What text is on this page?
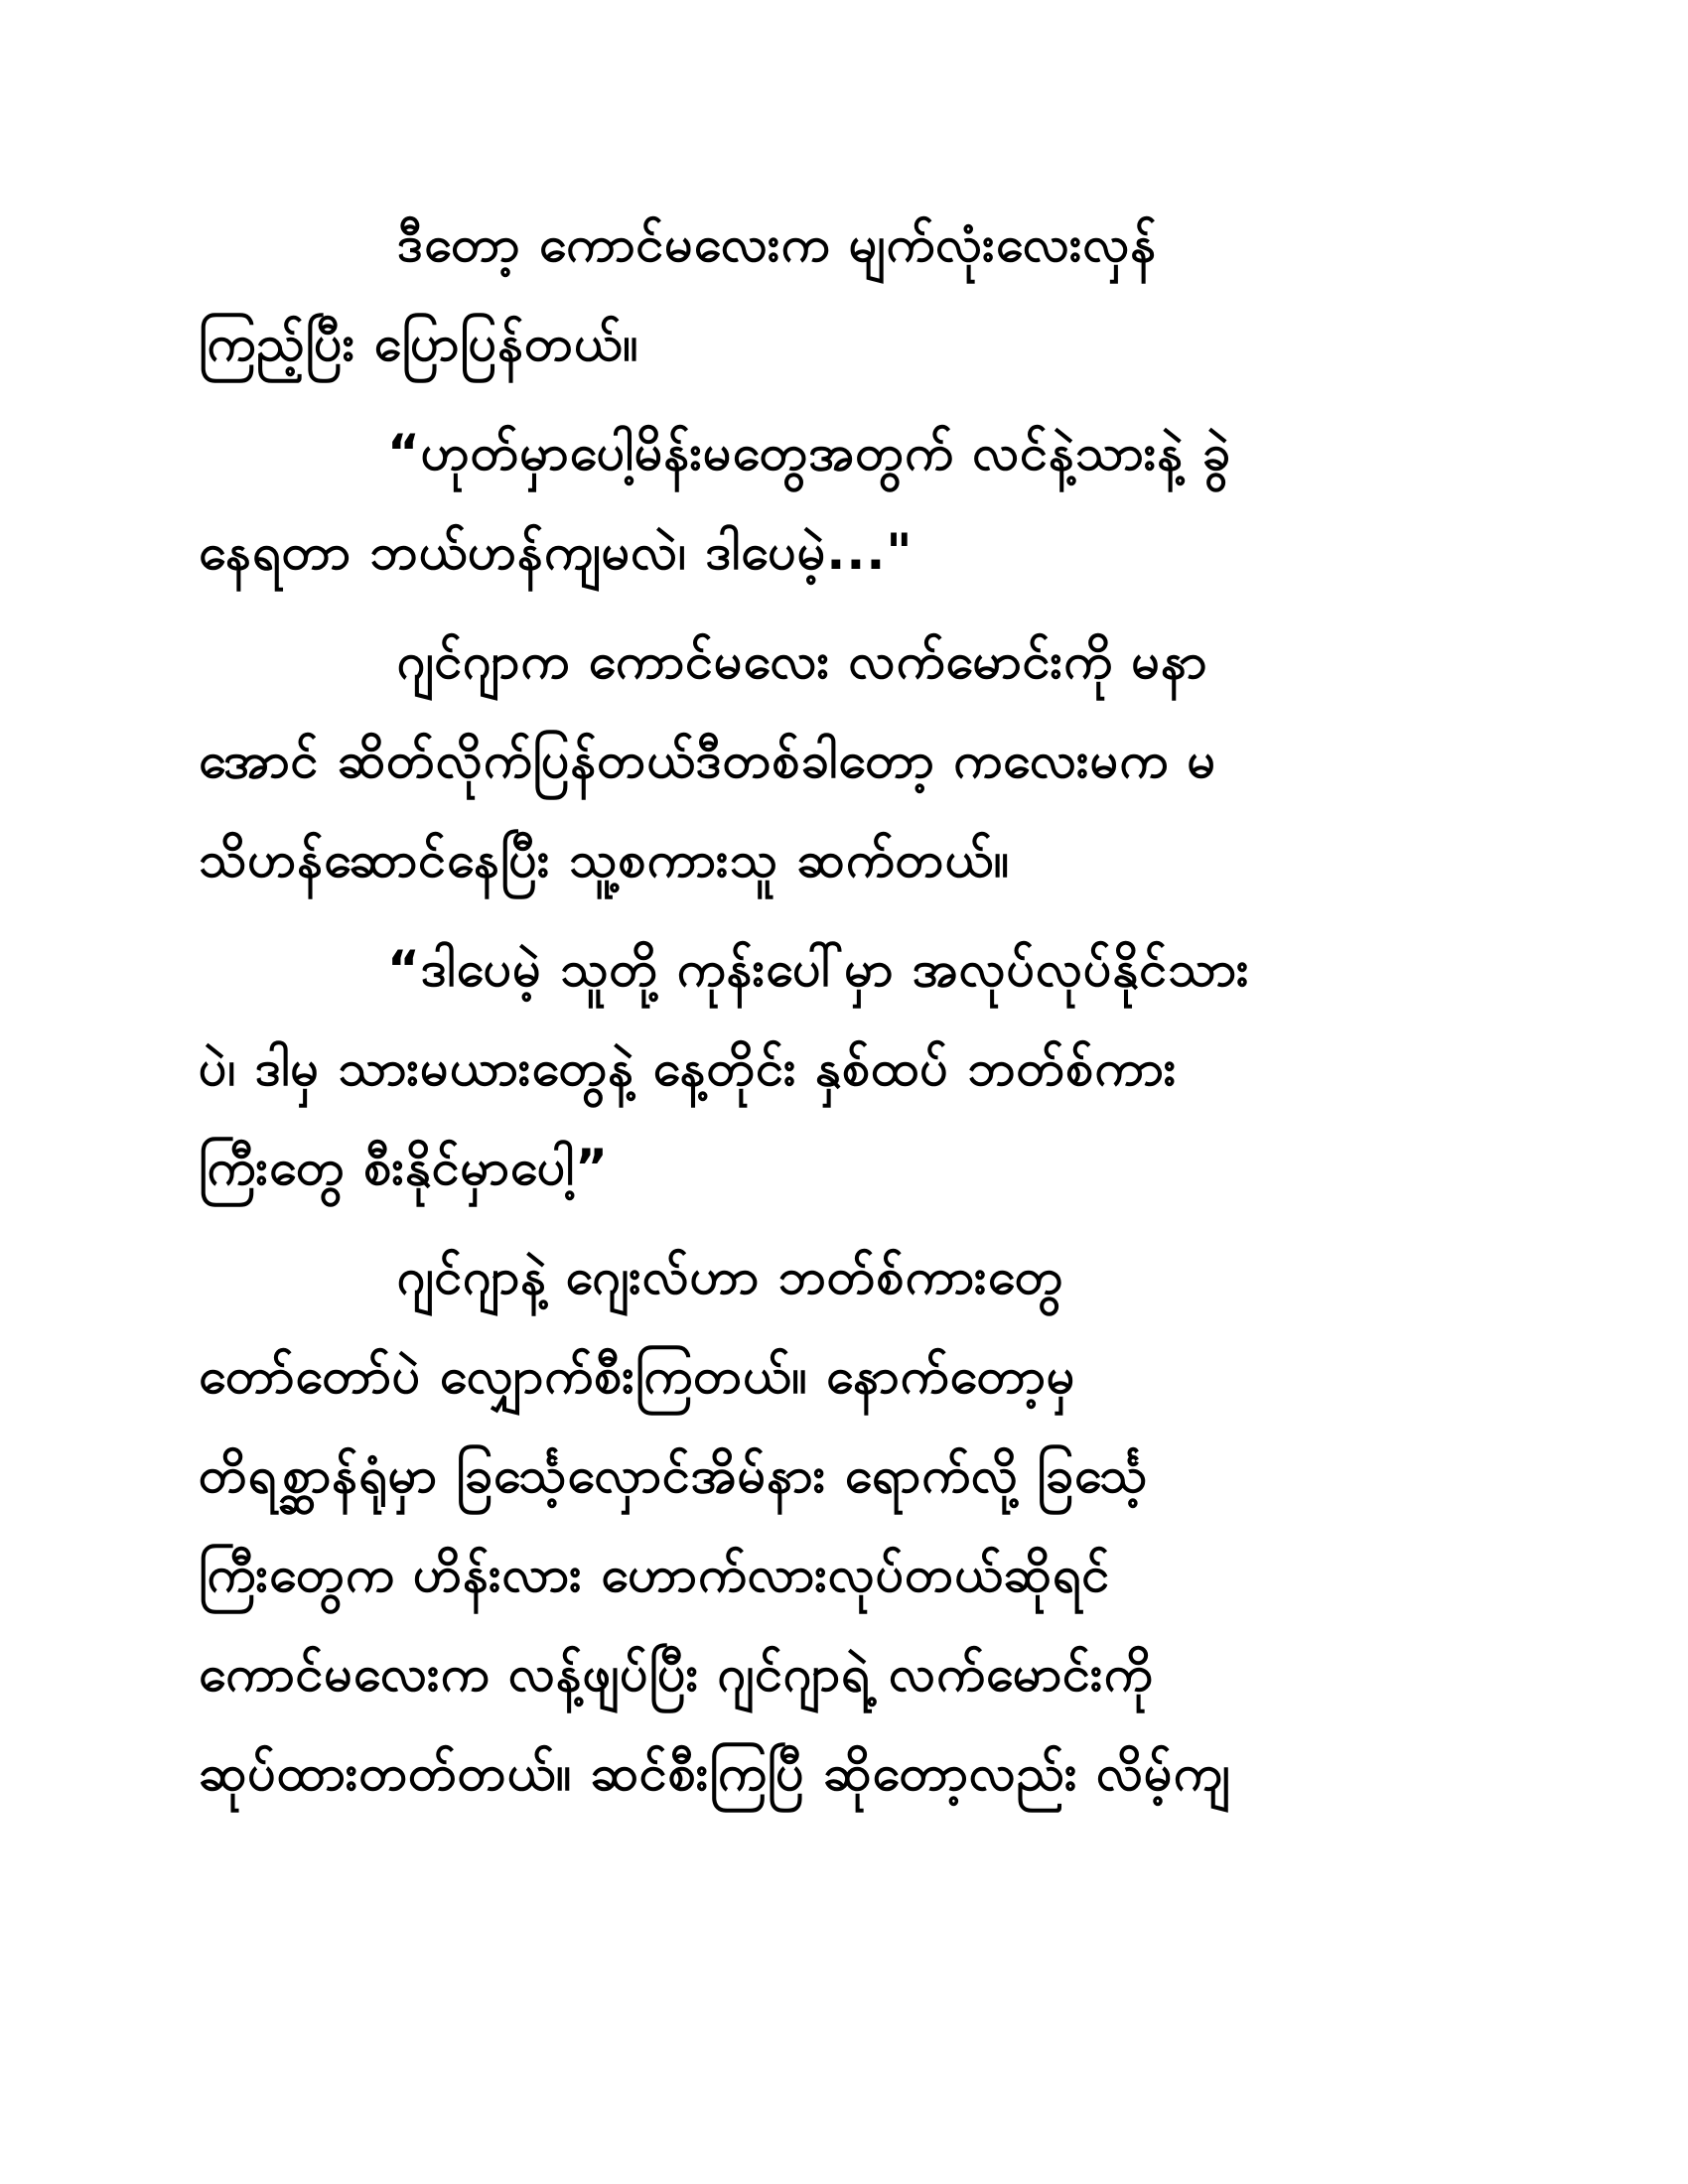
ဒီတော့ ကောင်မလေးက မျက်လုံးလေးလှန်
ကြည့်ပြီး ပြောပြန်တယ်။
“ဟုတ်မှာပေါ့မိန်းမတွေအတွက် လင်နဲ့သားနဲ့ ခွဲ
နေရတာ ဘယ်ဟန်ကျမလဲ၊ ဒါပေမဲ့..."
ဂျင်ဂျာက ကောင်မလေး လက်မောင်းကို မနာ
အောင် ဆိတ်လိုက်ပြန်တယ်ဒီတစ်ခါတော့ ကလေးမက မ
သိဟန်ဆောင်နေပြီး သူ့စကားသူ ဆက်တယ်။
“ဒါပေမဲ့ သူတို့ ကုန်းပေါ်မှာ အလုပ်လုပ်နိုင်သား
ပဲ၊ ဒါမှ သားမယားတွေနဲ့ နေ့တိုင်း နှစ်ထပ် ဘတ်စ်ကား
ကြီးတွေ စီးနိုင်မှာပေါ့”
ဂျင်ဂျာနဲ့ ဂျေးလ်ဟာ ဘတ်စ်ကားတွေ
တော်တော်ပဲ လျှောက်စီးကြတယ်။ နောက်တော့မှ
တိရစ္ဆာန်ရုံမှာ ခြင်္သေ့လှောင်အိမ်နား ရောက်လို့ ခြင်္သေ့
ကြီးတွေက ဟိန်းလား ဟောက်လားလုပ်တယ်ဆိုရင်
ကောင်မလေးက လန့်ဖျပ်ပြီး ဂျင်ဂျာရဲ့ လက်မောင်းကို
ဆုပ်ထားတတ်တယ်။ ဆင်စီးကြပြီ ဆိုတော့လည်း လိမ့်ကျ
